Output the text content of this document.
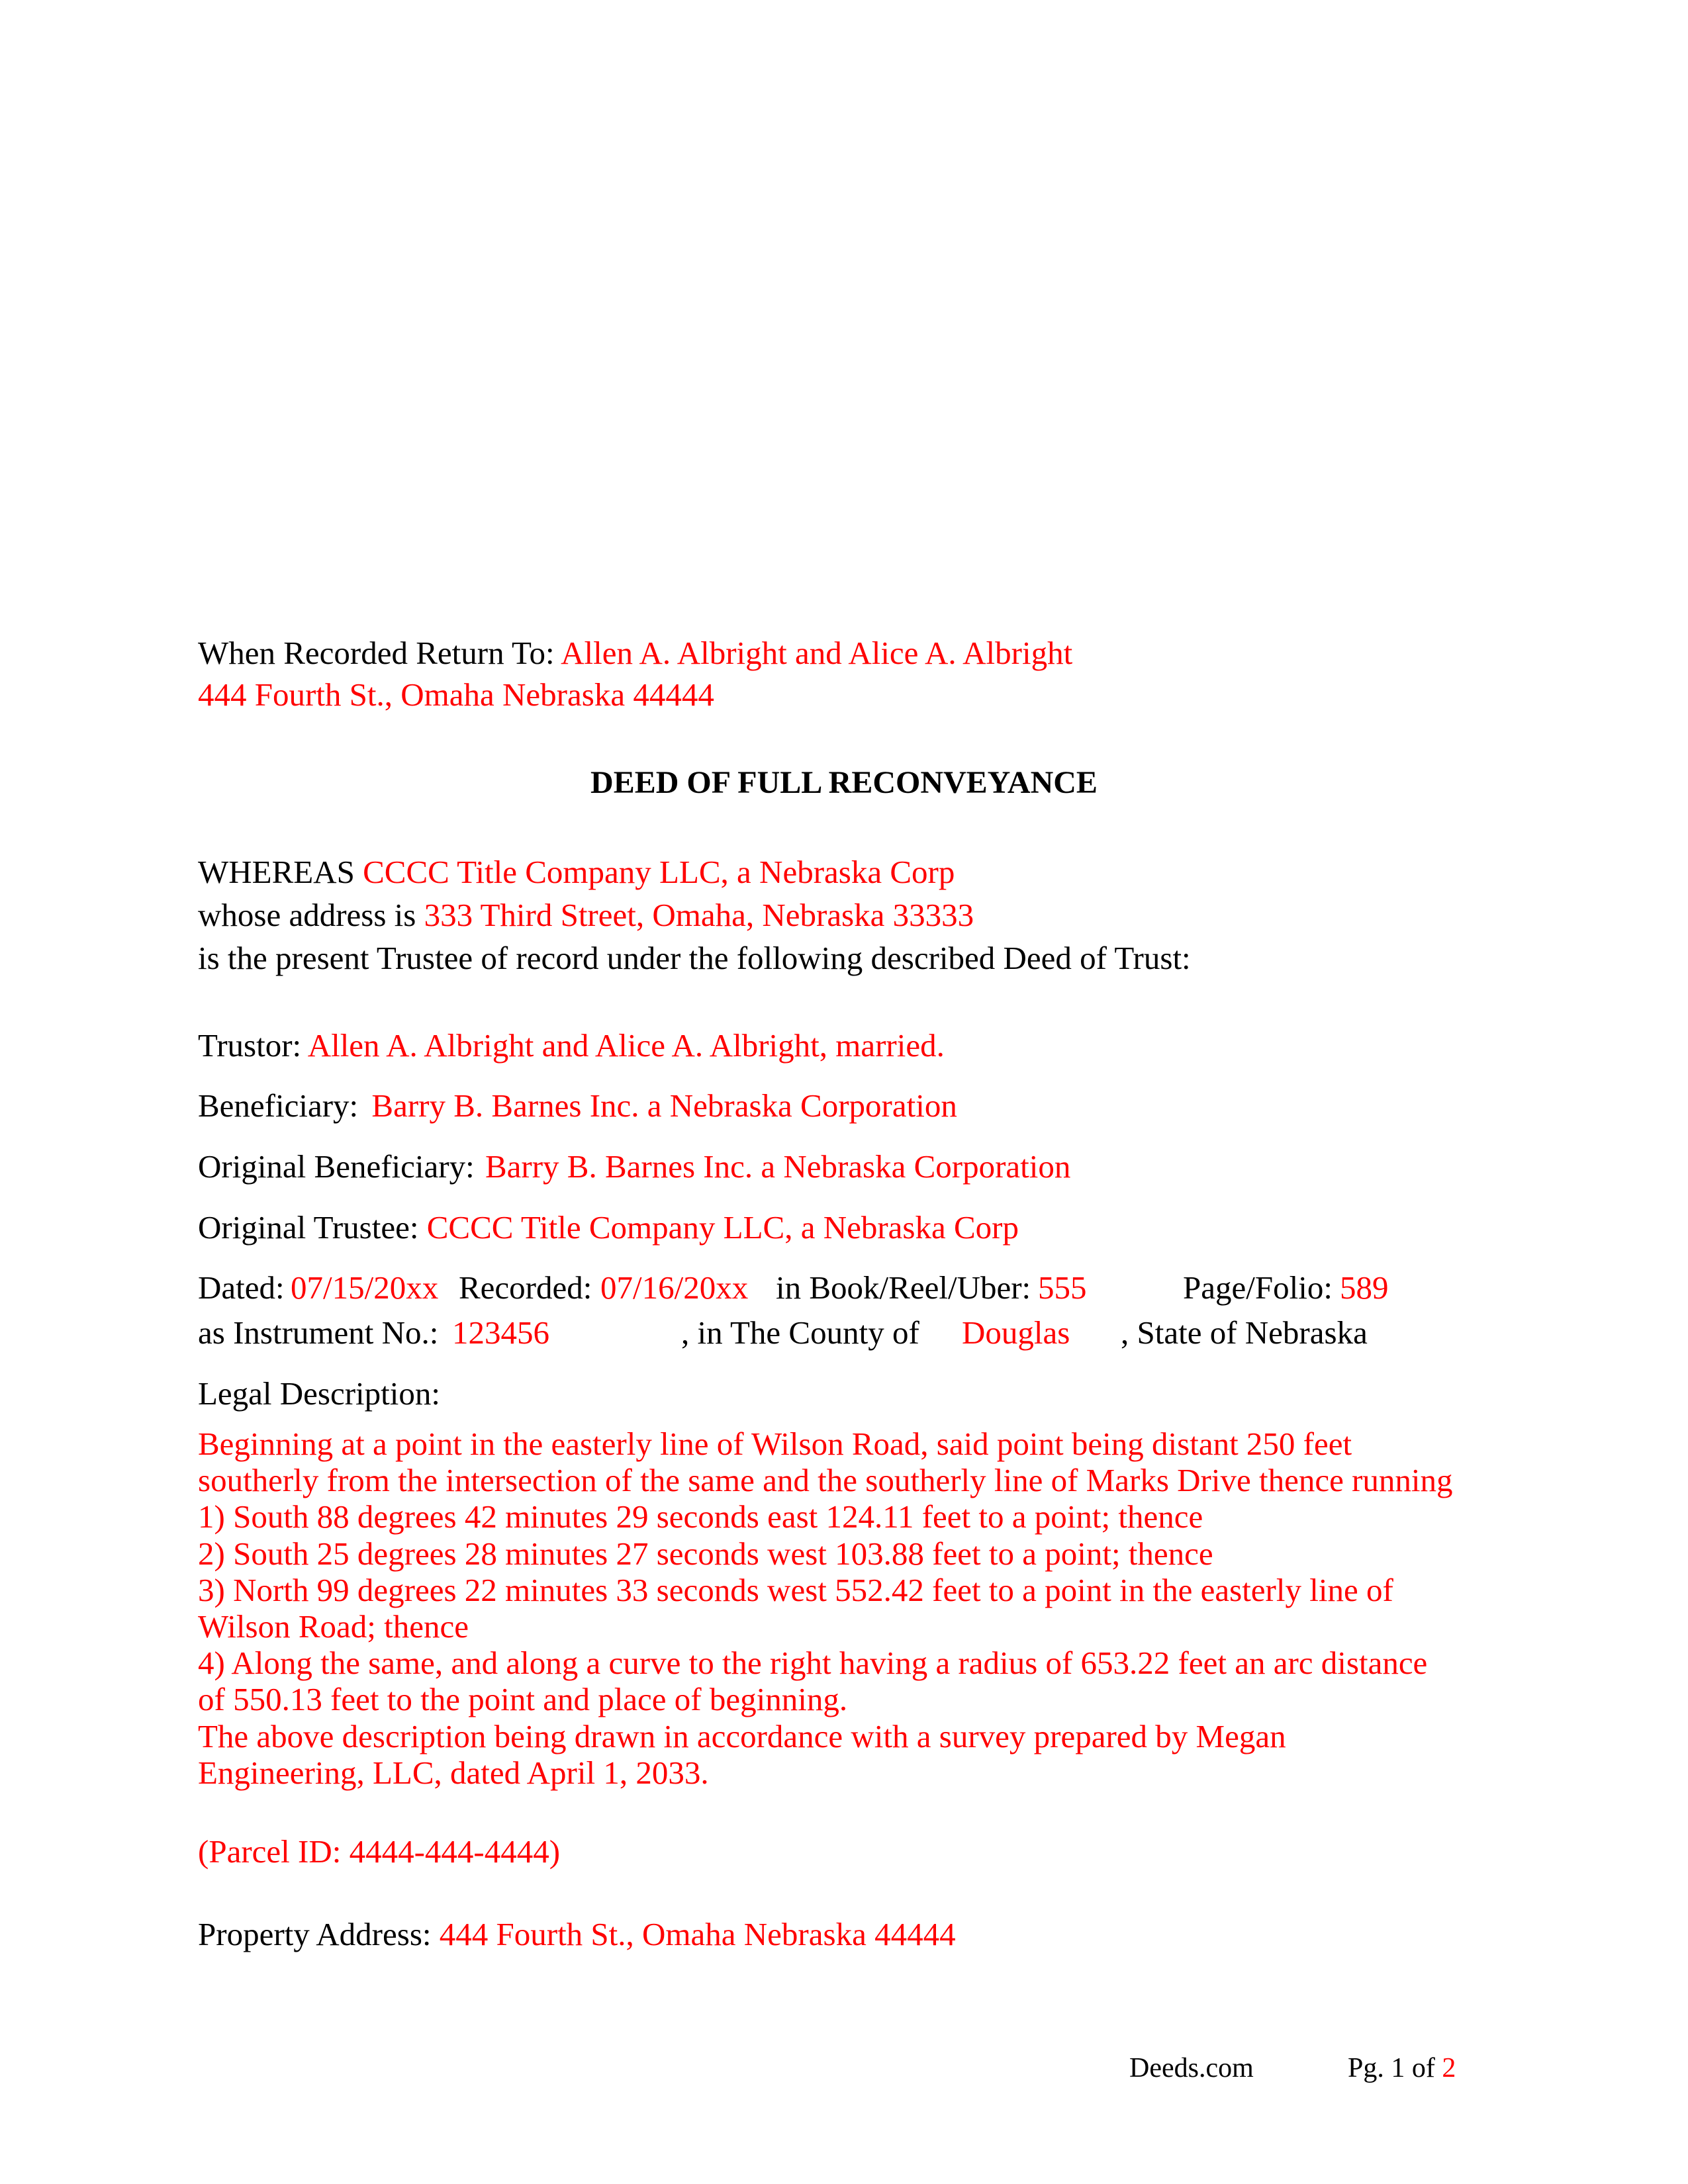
When Recorded Return To: Allen A. Albright and Alice A. Albright
444 Fourth St., Omaha Nebraska 44444
DEED OF FULL RECONVEYANCE
WHEREAS CCCC Title Company LLC, a Nebraska Corp
whose address is 333 Third Street, Omaha, Nebraska 33333
is the present Trustee of record under the following described Deed of Trust:
Trustor: Allen A. Albright and Alice A. Albright, married.
Beneficiary: Barry B. Barnes Inc. a Nebraska Corporation
Original Beneficiary: Barry B. Barnes Inc. a Nebraska Corporation
Original Trustee: CCCC Title Company LLC, a Nebraska Corp
Dated: 07/15/20xx Recorded: 07/16/20xx in Book/Reel/Uber: 555	Page/Folio: 589
as Instrument No.: 123456	, in The County of Douglas , State of Nebraska
Legal Description:
Beginning at a point in the easterly line of Wilson Road, said point being distant 250 feet
southerly from the intersection of the same and the southerly line of Marks Drive thence running
1) South 88 degrees 42 minutes 29 seconds east 124.11 feet to a point; thence
2) South 25 degrees 28 minutes 27 seconds west 103.88 feet to a point; thence
3) North 99 degrees 22 minutes 33 seconds west 552.42 feet to a point in the easterly line of
Wilson Road; thence
4) Along the same, and along a curve to the right having a radius of 653.22 feet an arc distance
of 550.13 feet to the point and place of beginning.
The above description being drawn in accordance with a survey prepared by Megan
Engineering, LLC, dated April 1, 2033.
(Parcel ID: 4444-444-4444)
Property Address: 444 Fourth St., Omaha Nebraska 44444
Deeds.com	Pg. 1 of 2
